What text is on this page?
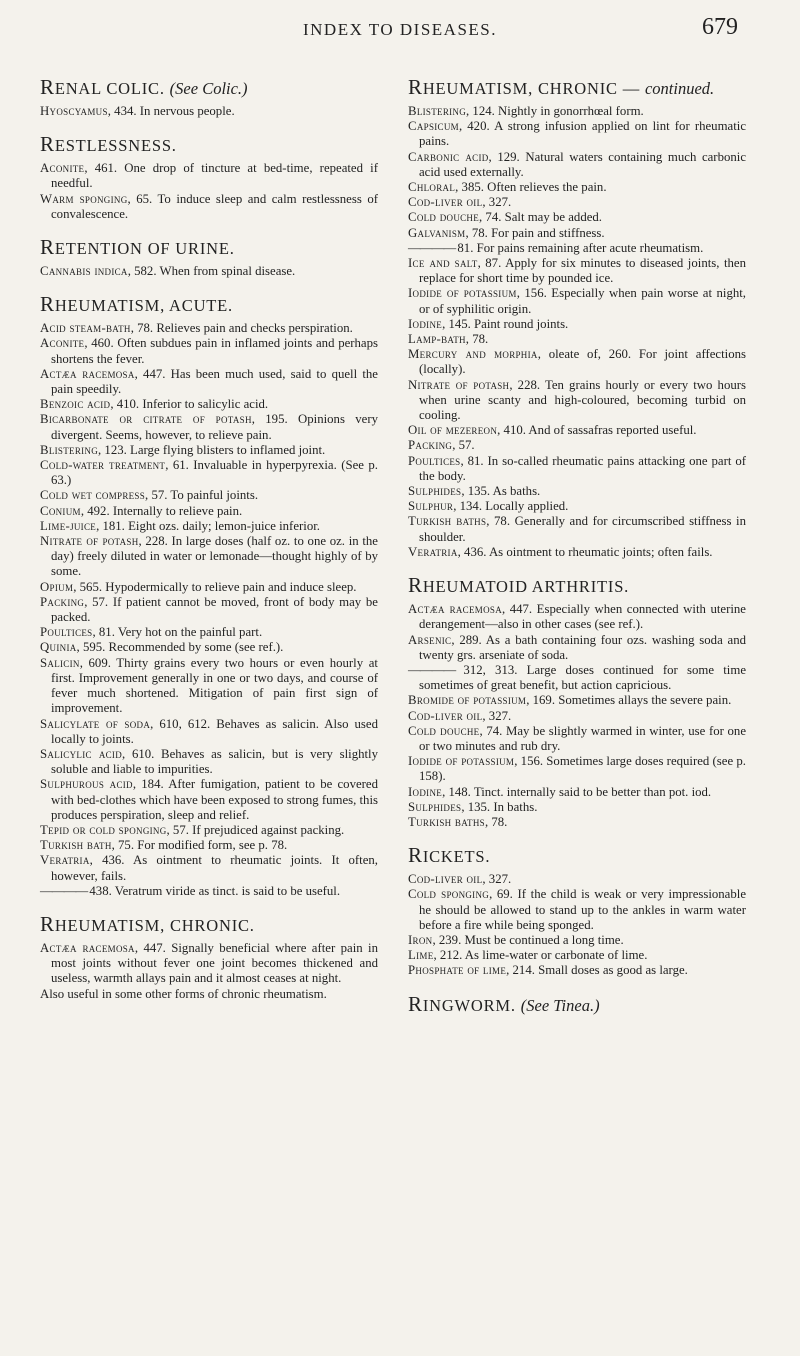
INDEX TO DISEASES.	679
RENAL COLIC. (See Colic.)

Hyoscyamus, 434. In nervous people.

RESTLESSNESS.

Aconite, 461. One drop of tincture at bed-time, repeated if needful.

Warm sponging, 65. To induce sleep and calm restlessness of convalescence.

RETENTION OF URINE.

Cannabis indica, 582. When from spinal disease.

RHEUMATISM, ACUTE.

Acid steam-bath, 78. Relieves pain and checks perspiration.

Aconite, 460. Often subdues pain in inflamed joints and perhaps shortens the fever.

Actæa racemosa, 447. Has been much used, said to quell the pain speedily.

Benzoic acid, 410. Inferior to salicylic acid.

Bicarbonate or citrate of potash, 195. Opinions very divergent. Seems, however, to relieve pain.

Blistering, 123. Large flying blisters to inflamed joint.

Cold-water treatment, 61. Invaluable in hyperpyrexia. (See p. 63.)

Cold wet compress, 57. To painful joints.

Conium, 492. Internally to relieve pain.

Lime-juice, 181. Eight ozs. daily; lemon-juice inferior.

Nitrate of potash, 228. In large doses (half oz. to one oz. in the day) freely diluted in water or lemonade—thought highly of by some.

Opium, 565. Hypodermically to relieve pain and induce sleep.

Packing, 57. If patient cannot be moved, front of body may be packed.

Poultices, 81. Very hot on the painful part.

Quinia, 595. Recommended by some (see ref.).

Salicin, 609. Thirty grains every two hours or even hourly at first. Improvement generally in one or two days, and course of fever much shortened. Mitigation of pain first sign of improvement.

Salicylate of soda, 610, 612. Behaves as salicin. Also used locally to joints.

Salicylic acid, 610. Behaves as salicin, but is very slightly soluble and liable to impurities.

Sulphurous acid, 184. After fumigation, patient to be covered with bed-clothes which have been exposed to strong fumes, this produces perspiration, sleep and relief.

Tepid or cold sponging, 57. If prejudiced against packing.

Turkish bath, 75. For modified form, see p. 78.

Veratria, 436. As ointment to rheumatic joints. It often, however, fails.

———— 438. Veratrum viride as tinct. is said to be useful.

RHEUMATISM, CHRONIC.

Actæa racemosa, 447. Signally beneficial where after pain in most joints without fever one joint becomes thickened and useless, warmth allays pain and it almost ceases at night.

Also useful in some other forms of chronic rheumatism.

RHEUMATISM, CHRONIC — continued.

Blistering, 124. Nightly in gonorrhœal form.

Capsicum, 420. A strong infusion applied on lint for rheumatic pains.

Carbonic acid, 129. Natural waters containing much carbonic acid used externally.

Chloral, 385. Often relieves the pain.

Cod-liver oil, 327.

Cold douche, 74. Salt may be added.

Galvanism, 78. For pain and stiffness.

———— 81. For pains remaining after acute rheumatism.

Ice and salt, 87. Apply for six minutes to diseased joints, then replace for short time by pounded ice.

Iodide of potassium, 156. Especially when pain worse at night, or of syphilitic origin.

Iodine, 145. Paint round joints.

Lamp-bath, 78.

Mercury and morphia, oleate of, 260. For joint affections (locally).

Nitrate of potash, 228. Ten grains hourly or every two hours when urine scanty and high-coloured, becoming turbid on cooling.

Oil of mezereon, 410. And of sassafras reported useful.

Packing, 57.

Poultices, 81. In so-called rheumatic pains attacking one part of the body.

Sulphides, 135. As baths.

Sulphur, 134. Locally applied.

Turkish baths, 78. Generally and for circumscribed stiffness in shoulder.

Veratria, 436. As ointment to rheumatic joints; often fails.

RHEUMATOID ARTHRITIS.

Actæa racemosa, 447. Especially when connected with uterine derangement—also in other cases (see ref.).

Arsenic, 289. As a bath containing four ozs. washing soda and twenty grs. arseniate of soda.

———— 312, 313. Large doses continued for some time sometimes of great benefit, but action capricious.

Bromide of potassium, 169. Sometimes allays the severe pain.

Cod-liver oil, 327.

Cold douche, 74. May be slightly warmed in winter, use for one or two minutes and rub dry.

Iodide of potassium, 156. Sometimes large doses required (see p. 158).

Iodine, 148. Tinct. internally said to be better than pot. iod.

Sulphides, 135. In baths.

Turkish baths, 78.

RICKETS.

Cod-liver oil, 327.

Cold sponging, 69. If the child is weak or very impressionable he should be allowed to stand up to the ankles in warm water before a fire while being sponged.

Iron, 239. Must be continued a long time.

Lime, 212. As lime-water or carbonate of lime.

Phosphate of lime, 214. Small doses as good as large.

RINGWORM. (See Tinea.)
